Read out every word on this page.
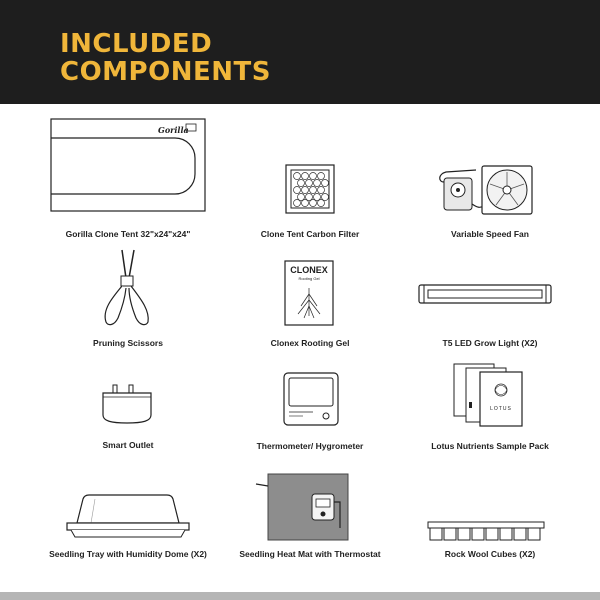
INCLUDED
COMPONENTS
Gorilla
Gorilla Clone Tent 32"x24"x24"	Clone Tent Carbon Filter	Variable Speed Fan
Pruning Scissors
CLONEX
Rooting Gel
Clonex Rooting Gel	T5 LED Grow Light (X2)
Smart Outlet	Thermometer/ Hygrometer
LOTUS
Lotus Nutrients Sample Pack
Seedling Tray with Humidity Dome (X2)	Seedling Heat Mat with Thermostat	Rock Wool Cubes (X2)
